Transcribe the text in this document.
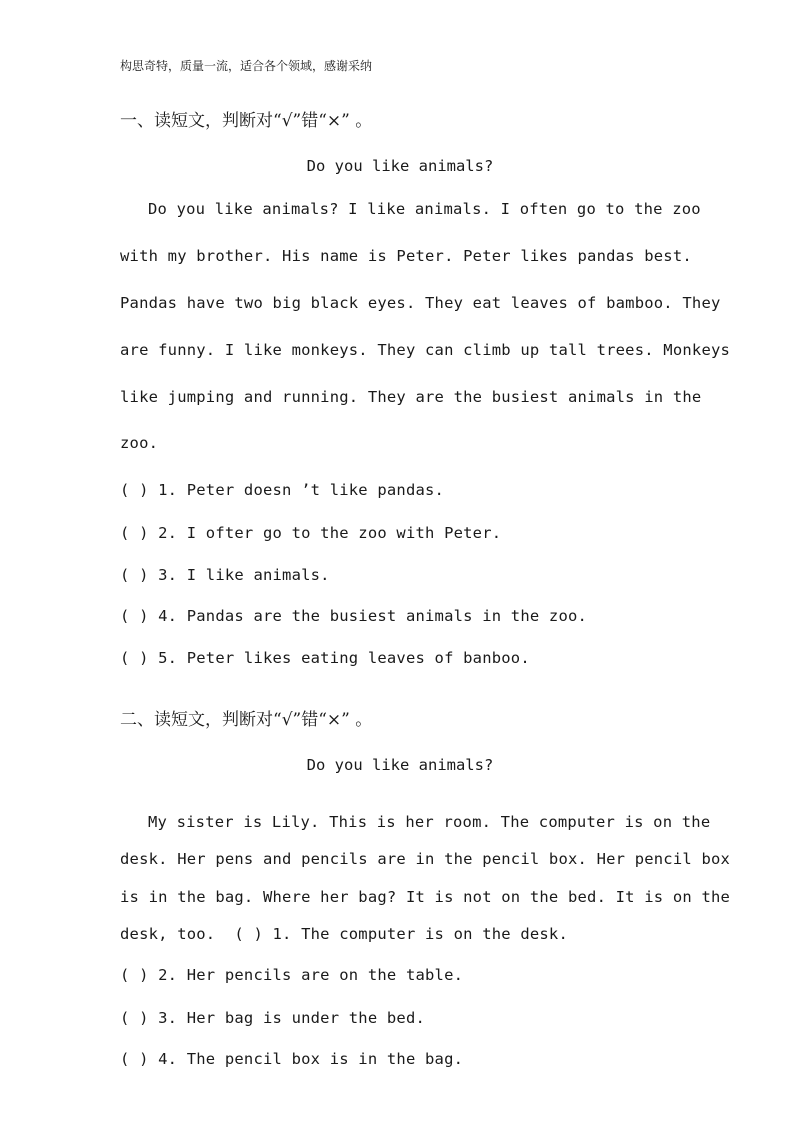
构思奇特，质量一流，适合各个领域，感谢采纳
一、读短文，判断对“√”错“×” 。
Do you like animals?
Do you like animals? I like animals. I often go to the zoo
with my brother. His name is Peter. Peter likes pandas best.
Pandas have two big black eyes. They eat leaves of bamboo. They
are funny. I like monkeys. They can climb up tall trees. Monkeys
like jumping and running. They are the busiest animals in the
zoo.
( ) 1. Peter doesn ’t like pandas.
( ) 2. I ofter go to the zoo with Peter.
( ) 3. I like animals.
( ) 4. Pandas are the busiest animals in the zoo.
( ) 5. Peter likes eating leaves of banboo.
二、读短文，判断对“√”错“×” 。
Do you like animals?
My sister is Lily. This is her room. The computer is on the
desk. Her pens and pencils are in the pencil box. Her pencil box
is in the bag. Where her bag? It is not on the bed. It is on the
desk, too.  ( ) 1. The computer is on the desk.
( ) 2. Her pencils are on the table.
( ) 3. Her bag is under the bed.
( ) 4. The pencil box is in the bag.
